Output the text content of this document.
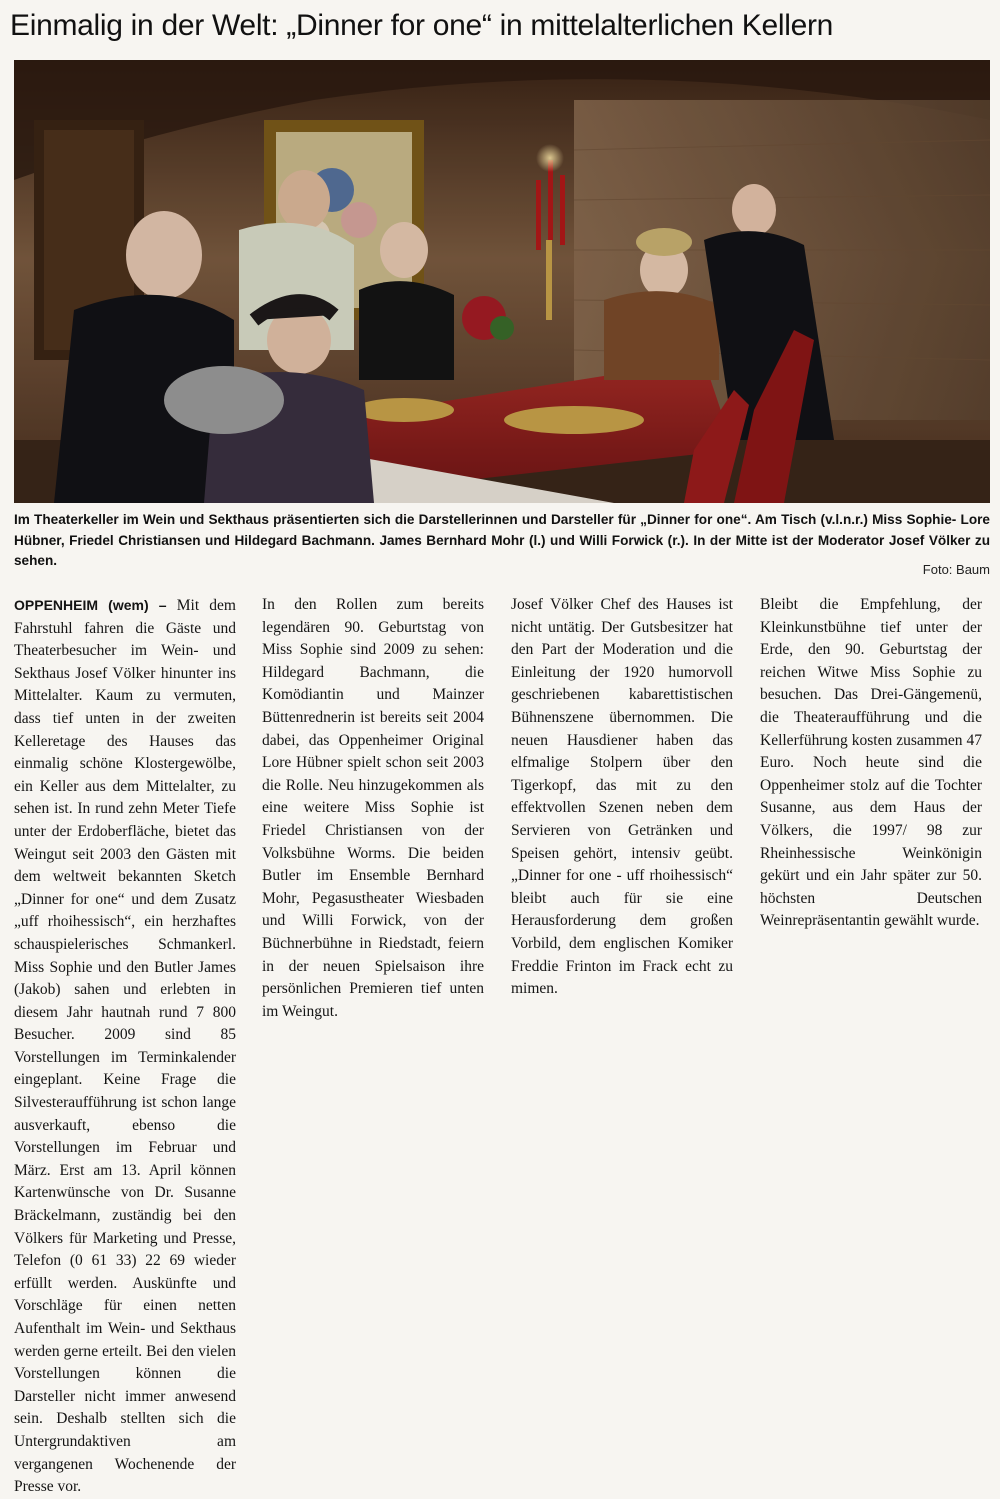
Einmalig in der Welt: „Dinner for one“ in mittelalterlichen Kellern
Im Theaterkeller im Wein und Sekthaus präsentierten sich die Darstellerinnen und Darsteller für „Dinner for one“. Am Tisch (v.l.n.r.) Miss Sophie- Lore Hübner, Friedel Christiansen und Hildegard Bachmann. James Bernhard Mohr (l.) und Willi Forwick (r.). In der Mitte ist der Moderator Josef Völker zu sehen.
Foto: Baum

OPPENHEIM (wem) – Mit dem Fahrstuhl fahren die Gäste und Theaterbesucher im Wein- und Sekthaus Josef Völker hinunter ins Mittelalter. Kaum zu vermuten, dass tief unten in der zweiten Kelleretage des Hauses das einmalig schöne Klostergewölbe, ein Keller aus dem Mittelalter, zu sehen ist. In rund zehn Meter Tiefe unter der Erdoberfläche, bietet das Weingut seit 2003 den Gästen mit dem weltweit bekannten Sketch „Dinner for one“ und dem Zusatz „uff rhoihessisch“, ein herzhaftes schauspielerisches Schmankerl. Miss Sophie und den Butler James (Jakob) sahen und erlebten in diesem Jahr hautnah rund 7 800 Besucher. 2009 sind 85 Vorstellungen im Terminkalender eingeplant. Keine Frage die Silvesteraufführung ist schon lange ausverkauft, ebenso die Vorstellungen im Februar und März. Erst am 13. April können Kartenwünsche von Dr. Susanne Bräckelmann, zuständig bei den Völkers für Marketing und Presse, Telefon (0 61 33) 22 69 wieder erfüllt werden. Auskünfte und Vorschläge für einen netten Aufenthalt im Wein- und Sekthaus werden gerne erteilt. Bei den vielen Vorstellungen können die Darsteller nicht immer anwesend sein. Deshalb stellten sich die Untergrundaktiven am vergangenen Wochenende der Presse vor.

In den Rollen zum bereits legendären 90. Geburtstag von Miss Sophie sind 2009 zu sehen: Hildegard Bachmann, die Komödiantin und Mainzer Büttenrednerin ist bereits seit 2004 dabei, das Oppenheimer Original Lore Hübner spielt schon seit 2003 die Rolle. Neu hinzugekommen als eine weitere Miss Sophie ist Friedel Christiansen von der Volksbühne Worms. Die beiden Butler im Ensemble Bernhard Mohr, Pegasustheater Wiesbaden und Willi Forwick, von der Büchnerbühne in Riedstadt, feiern in der neuen Spielsaison ihre persönlichen Premieren tief unten im Weingut.

Josef Völker Chef des Hauses ist nicht untätig. Der Gutsbesitzer hat den Part der Moderation und die Einleitung der 1920 humorvoll geschriebenen kabarettistischen Bühnenszene übernommen. Die neuen Hausdiener haben das elfmalige Stolpern über den Tigerkopf, das mit zu den effektvollen Szenen neben dem Servieren von Getränken und Speisen gehört, intensiv geübt. „Dinner for one - uff rhoihessisch“ bleibt auch für sie eine Herausforderung dem großen Vorbild, dem englischen Komiker Freddie Frinton im Frack echt zu mimen.

Bleibt die Empfehlung, der Kleinkunstbühne tief unter der Erde, den 90. Geburtstag der reichen Witwe Miss Sophie zu besuchen. Das Drei-Gängemenü, die Theateraufführung und die Kellerführung kosten zusammen 47 Euro. Noch heute sind die Oppenheimer stolz auf die Tochter Susanne, aus dem Haus der Völkers, die 1997/ 98 zur Rheinhessische Weinkönigin gekürt und ein Jahr später zur 50. höchsten Deutschen Weinrepräsentantin gewählt wurde.
